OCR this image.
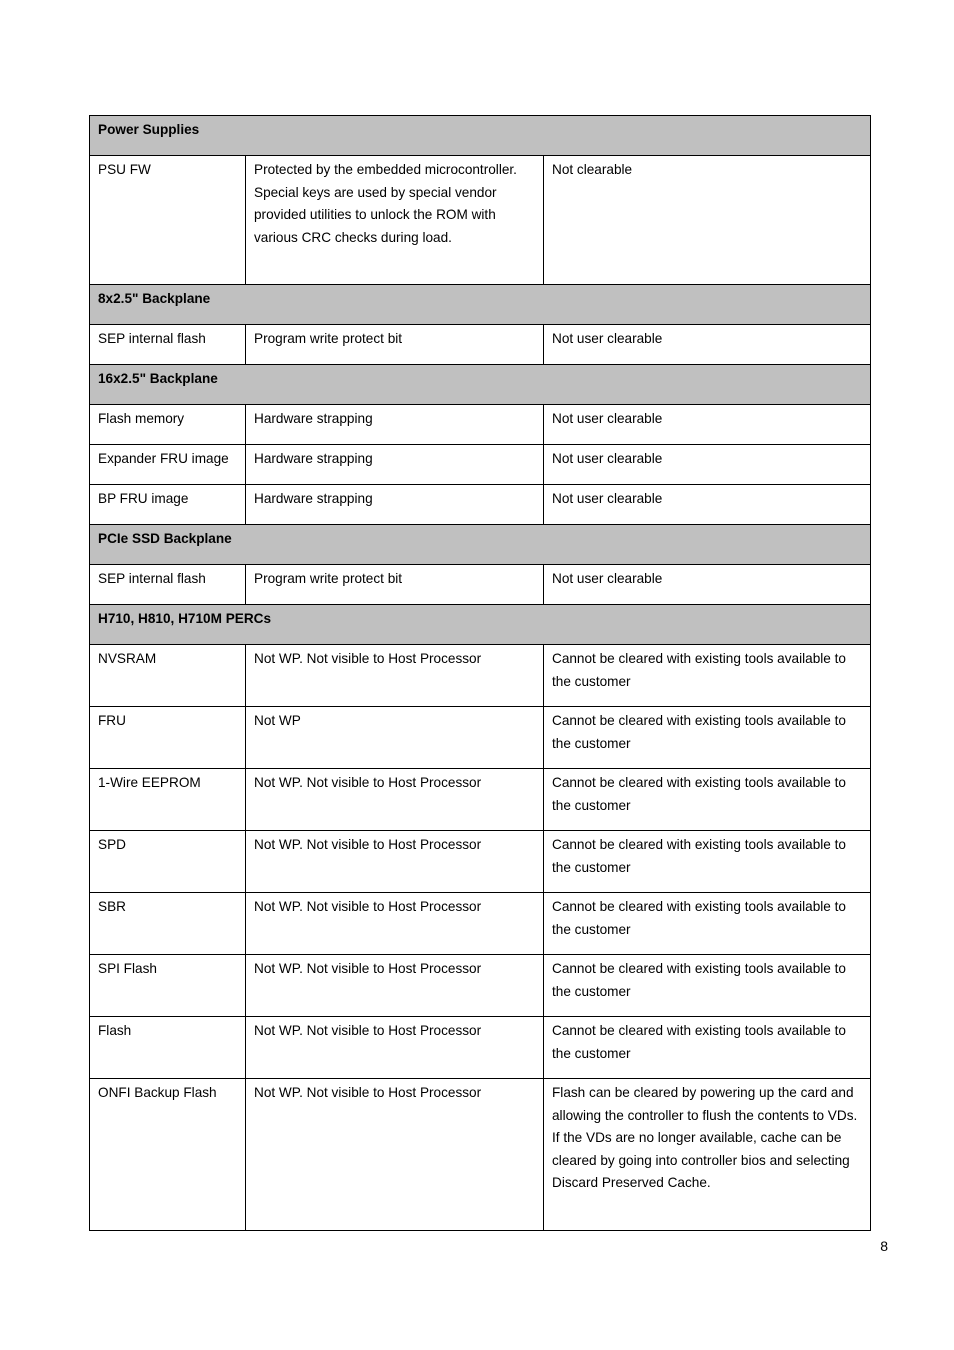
Power Supplies		
PSU FW	Protected by the embedded microcontroller. Special keys are used by special vendor provided utilities to unlock the ROM with various CRC checks during load.	Not clearable
8x2.5" Backplane		
SEP internal flash	Program write protect bit	Not user clearable
16x2.5" Backplane		
Flash memory	Hardware strapping	Not user clearable
Expander FRU image	Hardware strapping	Not user clearable
BP FRU image	Hardware strapping	Not user clearable
PCIe SSD Backplane		
SEP internal flash	Program write protect bit	Not user clearable
H710, H810, H710M PERCs		
NVSRAM	Not WP. Not visible to Host Processor	Cannot be cleared with existing tools available to the customer
FRU	Not WP	Cannot be cleared with existing tools available to the customer
1-Wire EEPROM	Not WP. Not visible to Host Processor	Cannot be cleared with existing tools available to the customer
SPD	Not WP. Not visible to Host Processor	Cannot be cleared with existing tools available to the customer
SBR	Not WP. Not visible to Host Processor	Cannot be cleared with existing tools available to the customer
SPI Flash	Not WP. Not visible to Host Processor	Cannot be cleared with existing tools available to the customer
Flash	Not WP. Not visible to Host Processor	Cannot be cleared with existing tools available to the customer
ONFI Backup Flash	Not WP. Not visible to Host Processor	Flash can be cleared by powering up the card and allowing the controller to flush the contents to VDs. If the VDs are no longer available, cache can be cleared by going into controller bios and selecting Discard Preserved Cache.
8
